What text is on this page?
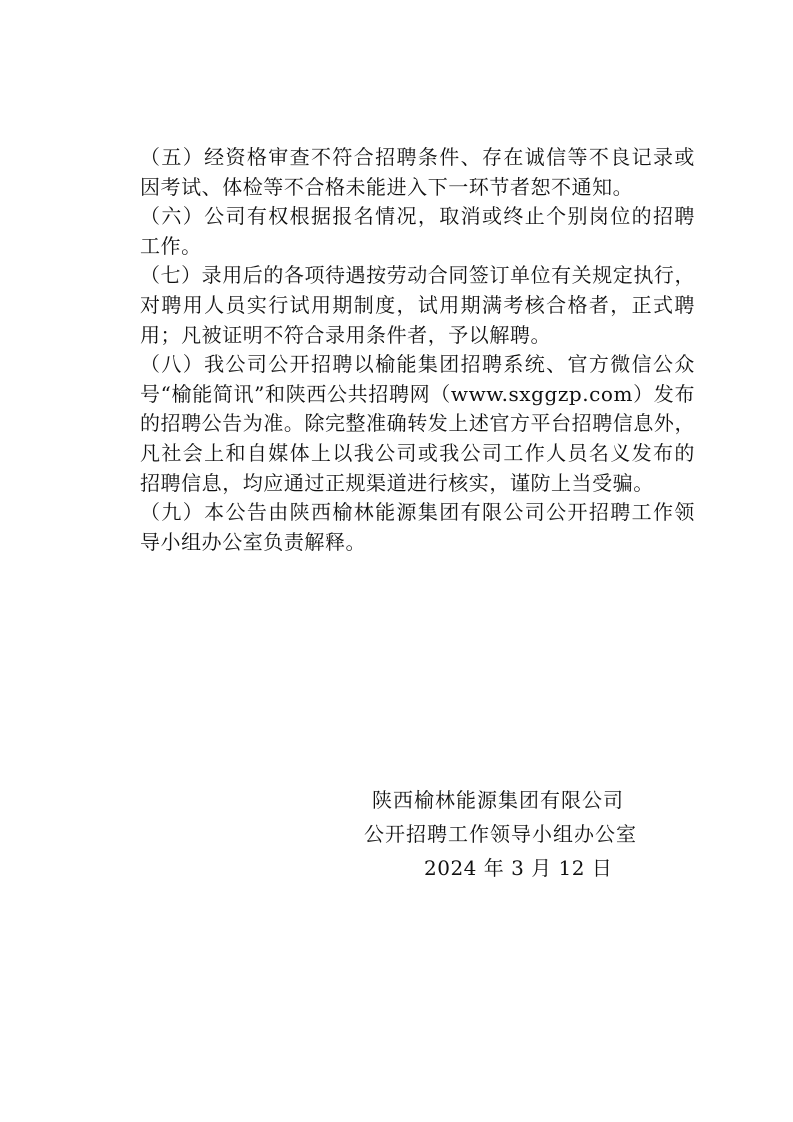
（五）经资格审查不符合招聘条件、存在诚信等不良记录或
因考试、体检等不合格未能进入下一环节者恕不通知。
（六）公司有权根据报名情况，取消或终止个别岗位的招聘
工作。
（七）录用后的各项待遇按劳动合同签订单位有关规定执行，
对聘用人员实行试用期制度，试用期满考核合格者，正式聘
用；凡被证明不符合录用条件者，予以解聘。
（八）我公司公开招聘以榆能集团招聘系统、官方微信公众
号“榆能简讯”和陕西公共招聘网（www.sxggzp.com）发布
的招聘公告为准。除完整准确转发上述官方平台招聘信息外，
凡社会上和自媒体上以我公司或我公司工作人员名义发布的
招聘信息，均应通过正规渠道进行核实，谨防上当受骗。
（九）本公告由陕西榆林能源集团有限公司公开招聘工作领
导小组办公室负责解释。
陕西榆林能源集团有限公司
公开招聘工作领导小组办公室
2024 年 3 月 12 日
